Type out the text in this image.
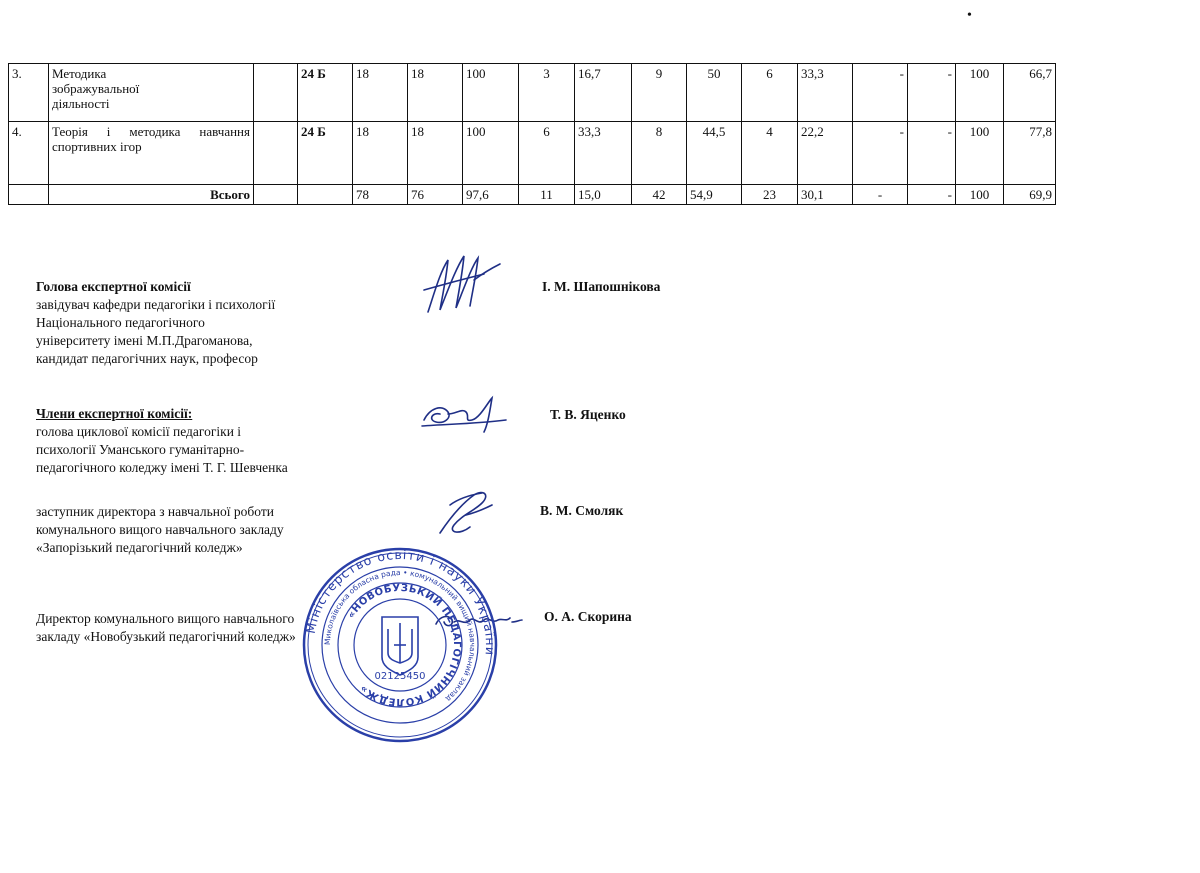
3.	Методика зображувальної діяльності		24 Б	18	18	100	3	16,7	9	50	6	33,3	-	-	100	66,7
4.	Теорія і методика навчання спортивних ігор		24 Б	18	18	100	6	33,3	8	44,5	4	22,2	-	-	100	77,8
	Всього			78	76	97,6	11	15,0	42	54,9	23	30,1	-	-	100	69,9
•
Голова експертної комісії
завідувач кафедри педагогіки і психології
Національного педагогічного
університету імені М.П.Драгоманова,
кандидат педагогічних наук, професор
І. М. Шапошнікова
Члени експертної комісії:
голова циклової комісії педагогіки і
психології Уманського гуманітарно-
педагогічного коледжу імені Т. Г. Шевченка
Т. В. Яценко
заступник директора з навчальної роботи
комунального вищого навчального закладу
«Запорізький педагогічний коледж»
В. М. Смоляк
Директор комунального вищого навчального
закладу «Новобузький педагогічний коледж»
О. А. Скорина
Міністерство освіти і науки України
Миколаївська обласна рада • комунальний вищий навчальний заклад
«НОВОБУЗЬКИЙ ПЕДАГОГІЧНИЙ КОЛЕДЖ»
02125450
